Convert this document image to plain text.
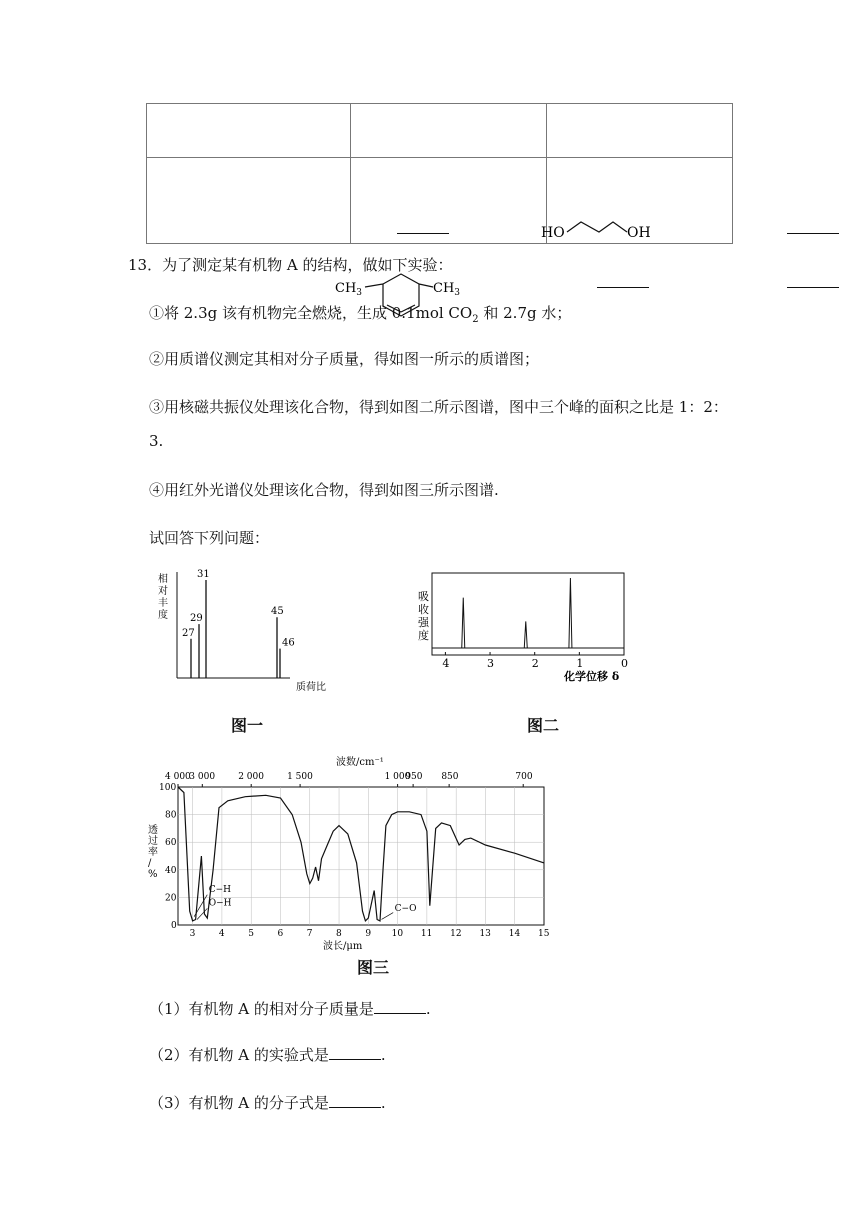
HO OH	

$CH_3$ $CH_3$

13．为了测定某有机物 A 的结构，做如下实验：
①将 2.3g 该有机物完全燃烧，生成 0.1mol $CO_2$ 和 2.7g 水；
②用质谱仪测定其相对分子质量，得如图一所示的质谱图；
③用核磁共振仪处理该化合物，得到如图二所示图谱，图中三个峰的面积之比是 1：2：
3.
④用红外光谱仪处理该化合物，得到如图三所示图谱.
试回答下列问题：
相
对
丰
度
27
29
31
45
46
质荷比
图一
吸
收
强
度
4	3	2	1	0
化学位移 δ
图二
波数/cm⁻¹
4 000
3 000	2 000	1 500	1 000
950 850	700
100
80
60
40
20
0
透
过
率
/
%
3	4	5	6	7	8	9 10 11 12 13 14 15
C−H
O−H
C−O
波长/μm
图三
（1）有机物 A 的相对分子质量是	.
（2）有机物 A 的实验式是	.
（3）有机物 A 的分子式是	.
